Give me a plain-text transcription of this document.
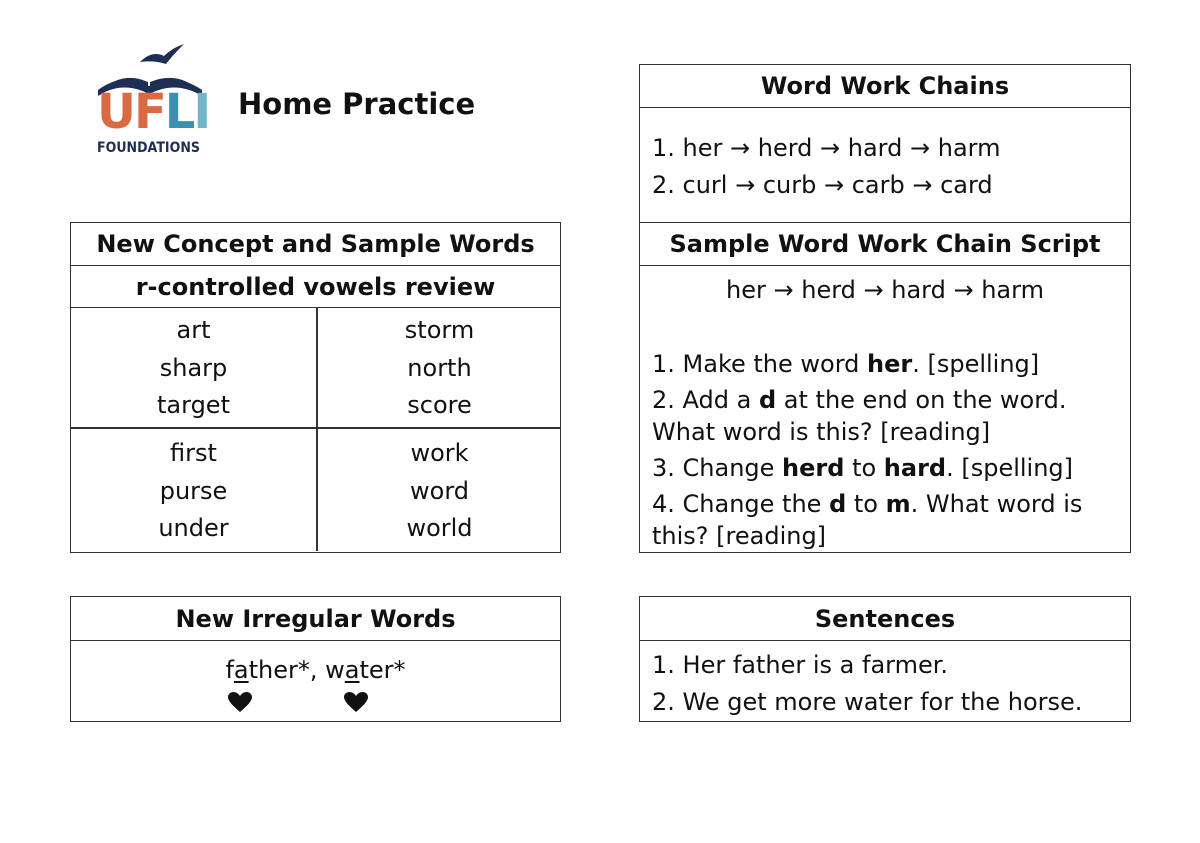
UFLI
FOUNDATIONS
Home Practice
New Concept and Sample Words
r-controlled vowels review
art
sharp
target
storm
north
score
first
purse
under
work
word
world
New Irregular Words
father*, water*
Word Work Chains
1. her → herd → hard → harm
2. curl → curb → carb → card
Sample Word Work Chain Script
her → herd → hard → harm
1. Make the word her. [spelling]
2. Add a d at the end on the word.
What word is this? [reading]
3. Change herd to hard. [spelling]
4. Change the d to m. What word is
this? [reading]
Sentences
1. Her father is a farmer.
2. We get more water for the horse.
